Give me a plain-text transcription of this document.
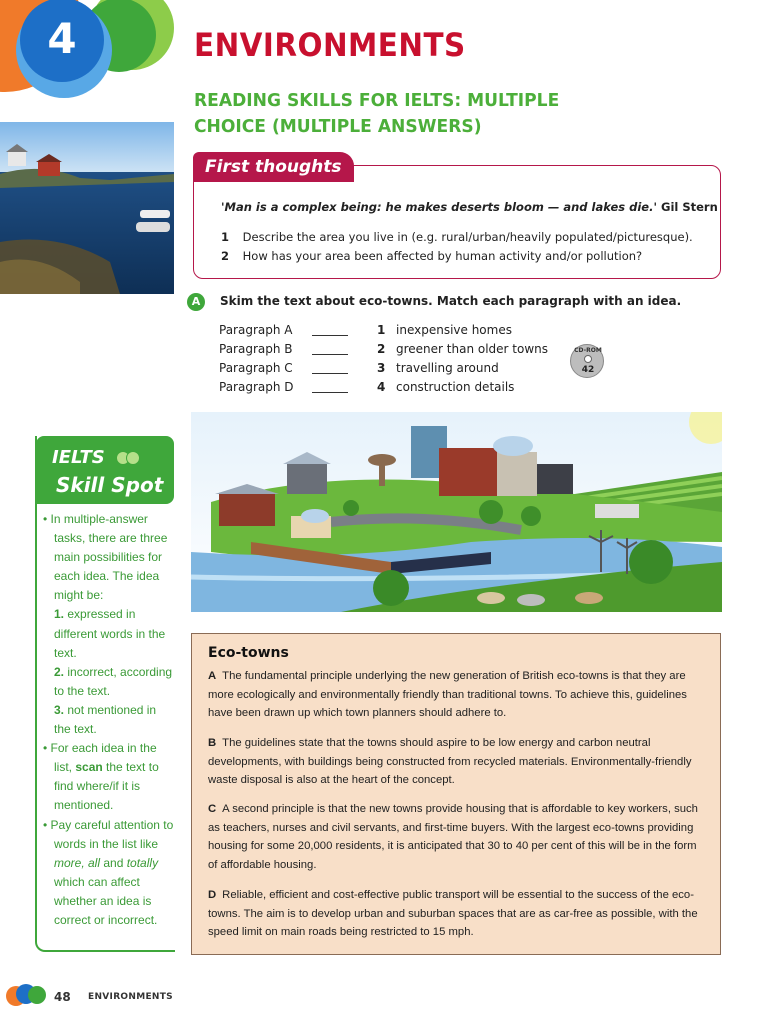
4	ENVIRONMENTS
READING SKILLS FOR IELTS: MULTIPLE CHOICE (MULTIPLE ANSWERS)
First thoughts
'Man is a complex being: he makes deserts bloom — and lakes die.' Gil Stern
1 Describe the area you live in (e.g. rural/urban/heavily populated/picturesque).
2 How has your area been affected by human activity and/or pollution?
A	Skim the text about eco-towns. Match each paragraph with an idea.
Paragraph A	1 inexpensive homes
Paragraph B	2 greener than older towns
Paragraph C	3 travelling around
Paragraph D	4 construction details
CD-ROM
42
IELTS
Skill Spot
• In multiple-answer tasks, there are three main possibilities for each idea. The idea might be:
1. expressed in different words in the text.
2. incorrect, according to the text.
3. not mentioned in the text.
• For each idea in the list, scan the text to find where/if it is mentioned.
• Pay careful attention to words in the list like more, all and totally which can affect whether an idea is correct or incorrect.
Eco-towns
A The fundamental principle underlying the new generation of British eco-towns is that they are more ecologically and environmentally friendly than traditional towns. To achieve this, guidelines have been drawn up which town planners should adhere to.
B The guidelines state that the towns should aspire to be low energy and carbon neutral developments, with buildings being constructed from recycled materials. Environmentally-friendly waste disposal is also at the heart of the concept.
C A second principle is that the new towns provide housing that is affordable to key workers, such as teachers, nurses and civil servants, and first-time buyers. With the largest eco-towns providing housing for some 20,000 residents, it is anticipated that 30 to 40 per cent of this will be in the form of affordable housing.
D Reliable, efficient and cost-effective public transport will be essential to the success of the eco-towns. The aim is to develop urban and suburban spaces that are as car-free as possible, with the speed limit on main roads being restricted to 15 mph.
48 ENVIRONMENTS
